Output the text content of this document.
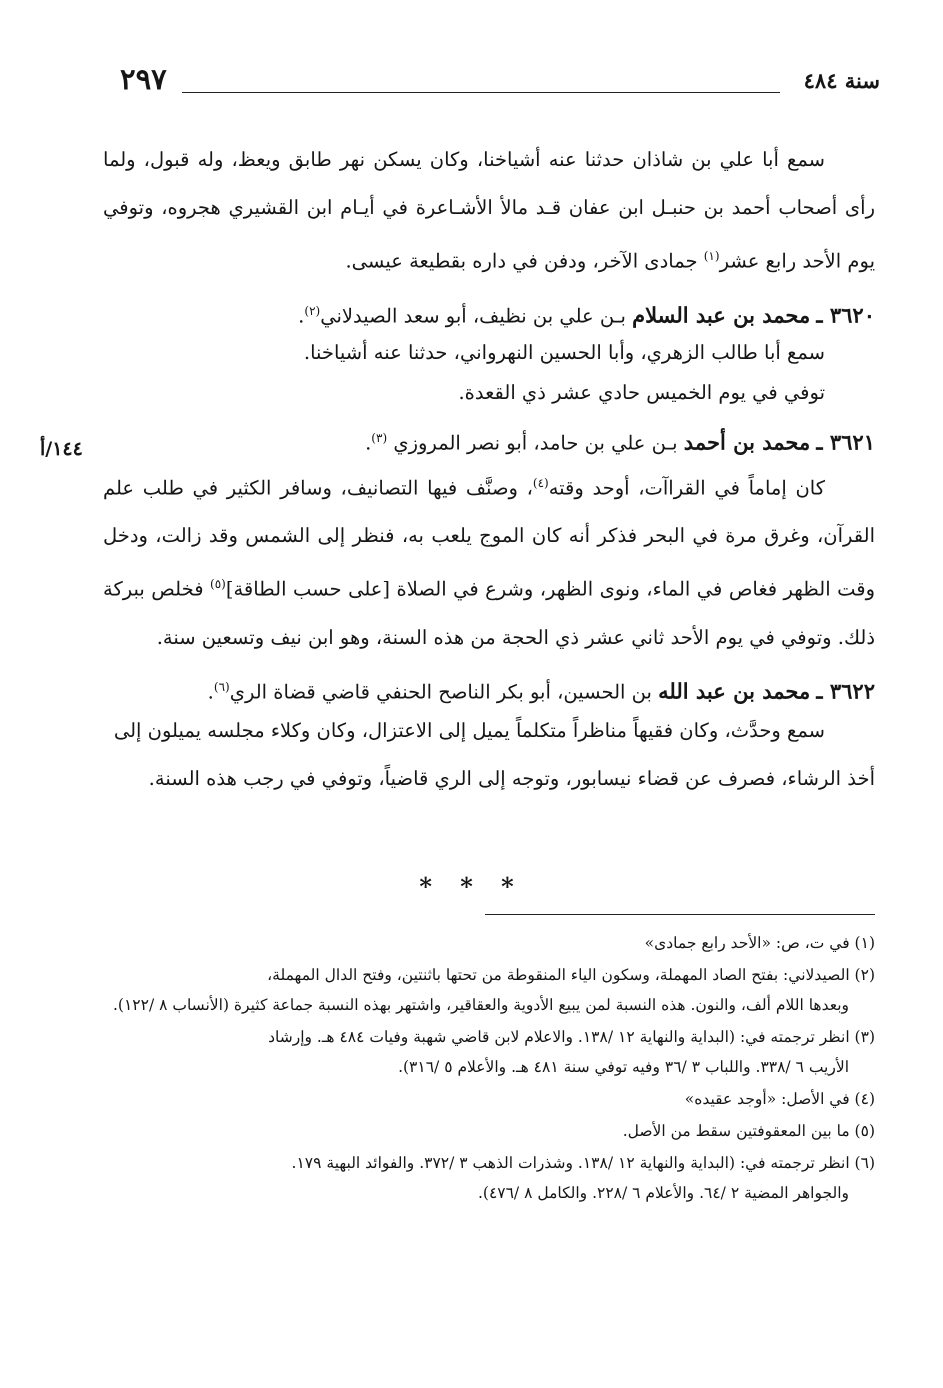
سنة ٤٨٤
٢٩٧
١٤٤/أ

سمع أبا علي بن شاذان حدثنا عنه أشياخنا، وكان يسكن نهر طابق ويعظ، وله قبول، ولما رأى أصحاب أحمد بن حنبـل ابن عفان قـد مالأ الأشـاعرة في أيـام ابن القشيري هجروه، وتوفي يوم الأحد رابع عشر$^{(١)}$ جمادى الآخر، ودفن في داره بقطيعة عيسى.

٣٦٢٠ ـ محمد بن عبد السلام بـن علي بن نظيف، أبو سعد الصيدلاني$^{(٢)}$.

سمع أبا طالب الزهري، وأبا الحسين النهرواني، حدثنا عنه أشياخنا.

توفي في يوم الخميس حادي عشر ذي القعدة.

٣٦٢١ ـ محمد بن أحمد بـن علي بن حامد، أبو نصر المروزي $^{(٣)}$.

كان إماماً في القراآت، أوحد وقته$^{(٤)}$، وصنَّف فيها التصانيف، وسافر الكثير في طلب علم القرآن، وغرق مرة في البحر فذكر أنه كان الموج يلعب به، فنظر إلى الشمس وقد زالت، ودخل وقت الظهر فغاص في الماء، ونوى الظهر، وشرع في الصلاة [على حسب الطاقة]$^{(٥)}$ فخلص ببركة ذلك. وتوفي في يوم الأحد ثاني عشر ذي الحجة من هذه السنة، وهو ابن نيف وتسعين سنة.

٣٦٢٢ ـ محمد بن عبد الله بن الحسين، أبو بكر الناصح الحنفي قاضي قضاة الري$^{(٦)}$.

سمع وحدَّث، وكان فقيهاً مناظراً متكلماً يميل إلى الاعتزال، وكان وكلاء مجلسه يميلون إلى أخذ الرشاء، فصرف عن قضاء نيسابور، وتوجه إلى الري قاضياً، وتوفي في رجب هذه السنة.

* * *

(١) في ت، ص: «الأحد رابع جمادى»

(٢) الصيدلاني: بفتح الصاد المهملة، وسكون الياء المنقوطة من تحتها باثنتين، وفتح الدال المهملة،
وبعدها اللام ألف، والنون. هذه النسبة لمن يبيع الأدوية والعقاقير، واشتهر بهذه النسبة جماعة كثيرة (الأنساب ٨ /١٢٢).

(٣) انظر ترجمته في: (البداية والنهاية ١٢ /١٣٨. والاعلام لابن قاضي شهبة وفيات ٤٨٤ هـ. وإرشاد
الأريب ٦ /٣٣٨. واللباب ٣ /٣٦ وفيه توفي سنة ٤٨١ هـ. والأعلام ٥ /٣١٦).

(٤) في الأصل: «أوجد عقيده»

(٥) ما بين المعقوفتين سقط من الأصل.

(٦) انظر ترجمته في: (البداية والنهاية ١٢ /١٣٨. وشذرات الذهب ٣ /٣٧٢. والفوائد البهية ١٧٩.
والجواهر المضية ٢ /٦٤. والأعلام ٦ /٢٢٨. والكامل ٨ /٤٧٦).
